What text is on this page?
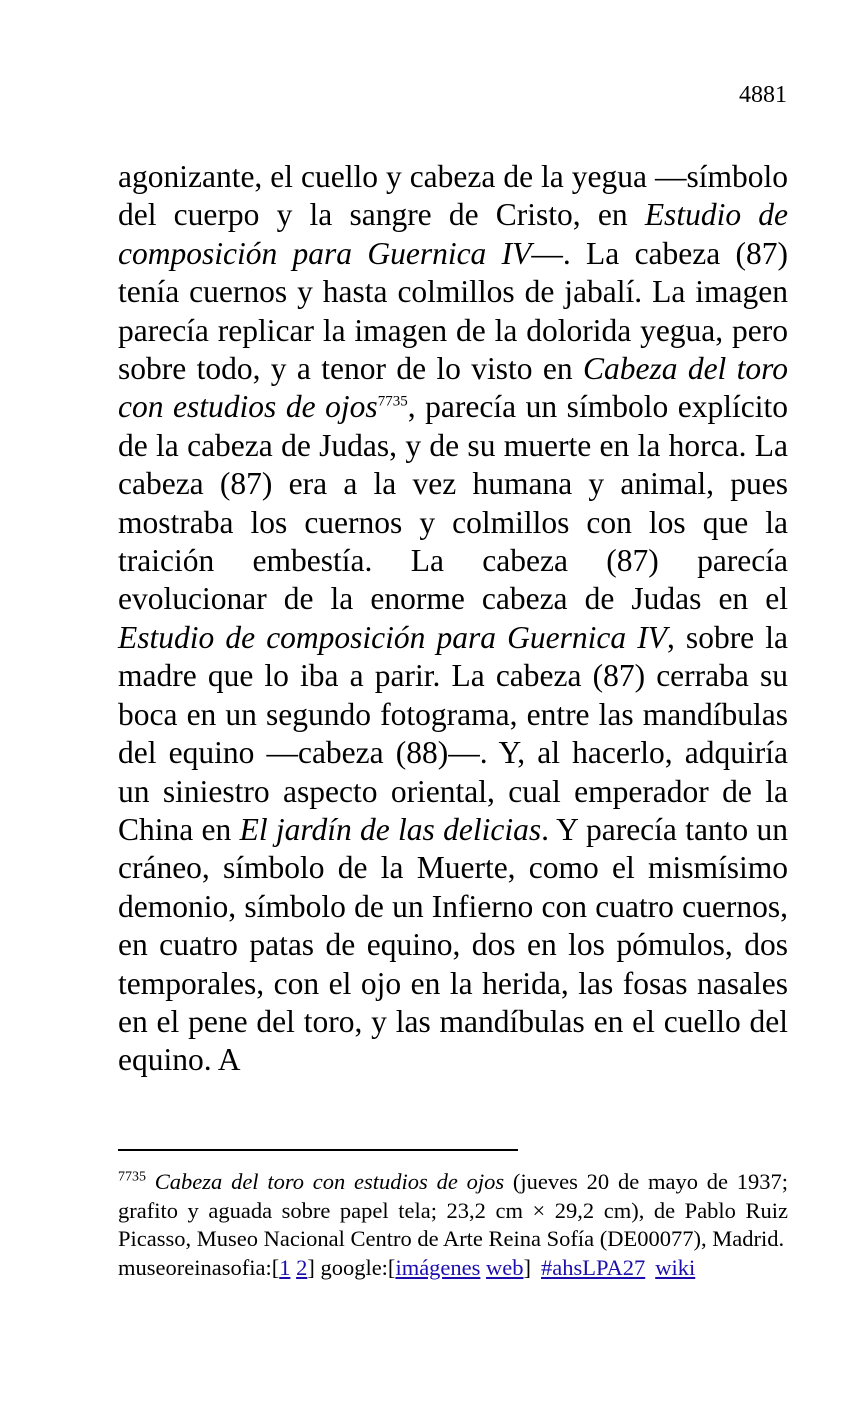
4881

agonizante, el cuello y cabeza de la yegua —símbolo del cuerpo y la sangre de Cristo, en Estudio de composición para Guernica IV—. La cabeza (87) tenía cuernos y hasta colmillos de jabalí. La imagen parecía replicar la imagen de la dolorida yegua, pero sobre todo, y a tenor de lo visto en Cabeza del toro con estudios de ojos$^{7735}$, parecía un símbolo explícito de la cabeza de Judas, y de su muerte en la horca. La cabeza (87) era a la vez humana y animal, pues mostraba los cuernos y colmillos con los que la traición embestía. La cabeza (87) parecía evolucionar de la enorme cabeza de Judas en el Estudio de composición para Guernica IV, sobre la madre que lo iba a parir. La cabeza (87) cerraba su boca en un segundo fotograma, entre las mandíbulas del equino —cabeza (88)—. Y, al hacerlo, adquiría un siniestro aspecto oriental, cual emperador de la China en El jardín de las delicias. Y parecía tanto un cráneo, símbolo de la Muerte, como el mismísimo demonio, símbolo de un Infierno con cuatro cuernos, en cuatro patas de equino, dos en los pómulos, dos temporales, con el ojo en la herida, las fosas nasales en el pene del toro, y las mandíbulas en el cuello del equino. A

$^{7735}$ Cabeza del toro con estudios de ojos (jueves 20 de mayo de 1937; grafito y aguada sobre papel tela; 23,2 cm × 29,2 cm), de Pablo Ruiz Picasso, Museo Nacional Centro de Arte Reina Sofía (DE00077), Madrid.

museoreinasofia:[1 2] google:[imágenes web] #ahsLPA27 wiki
